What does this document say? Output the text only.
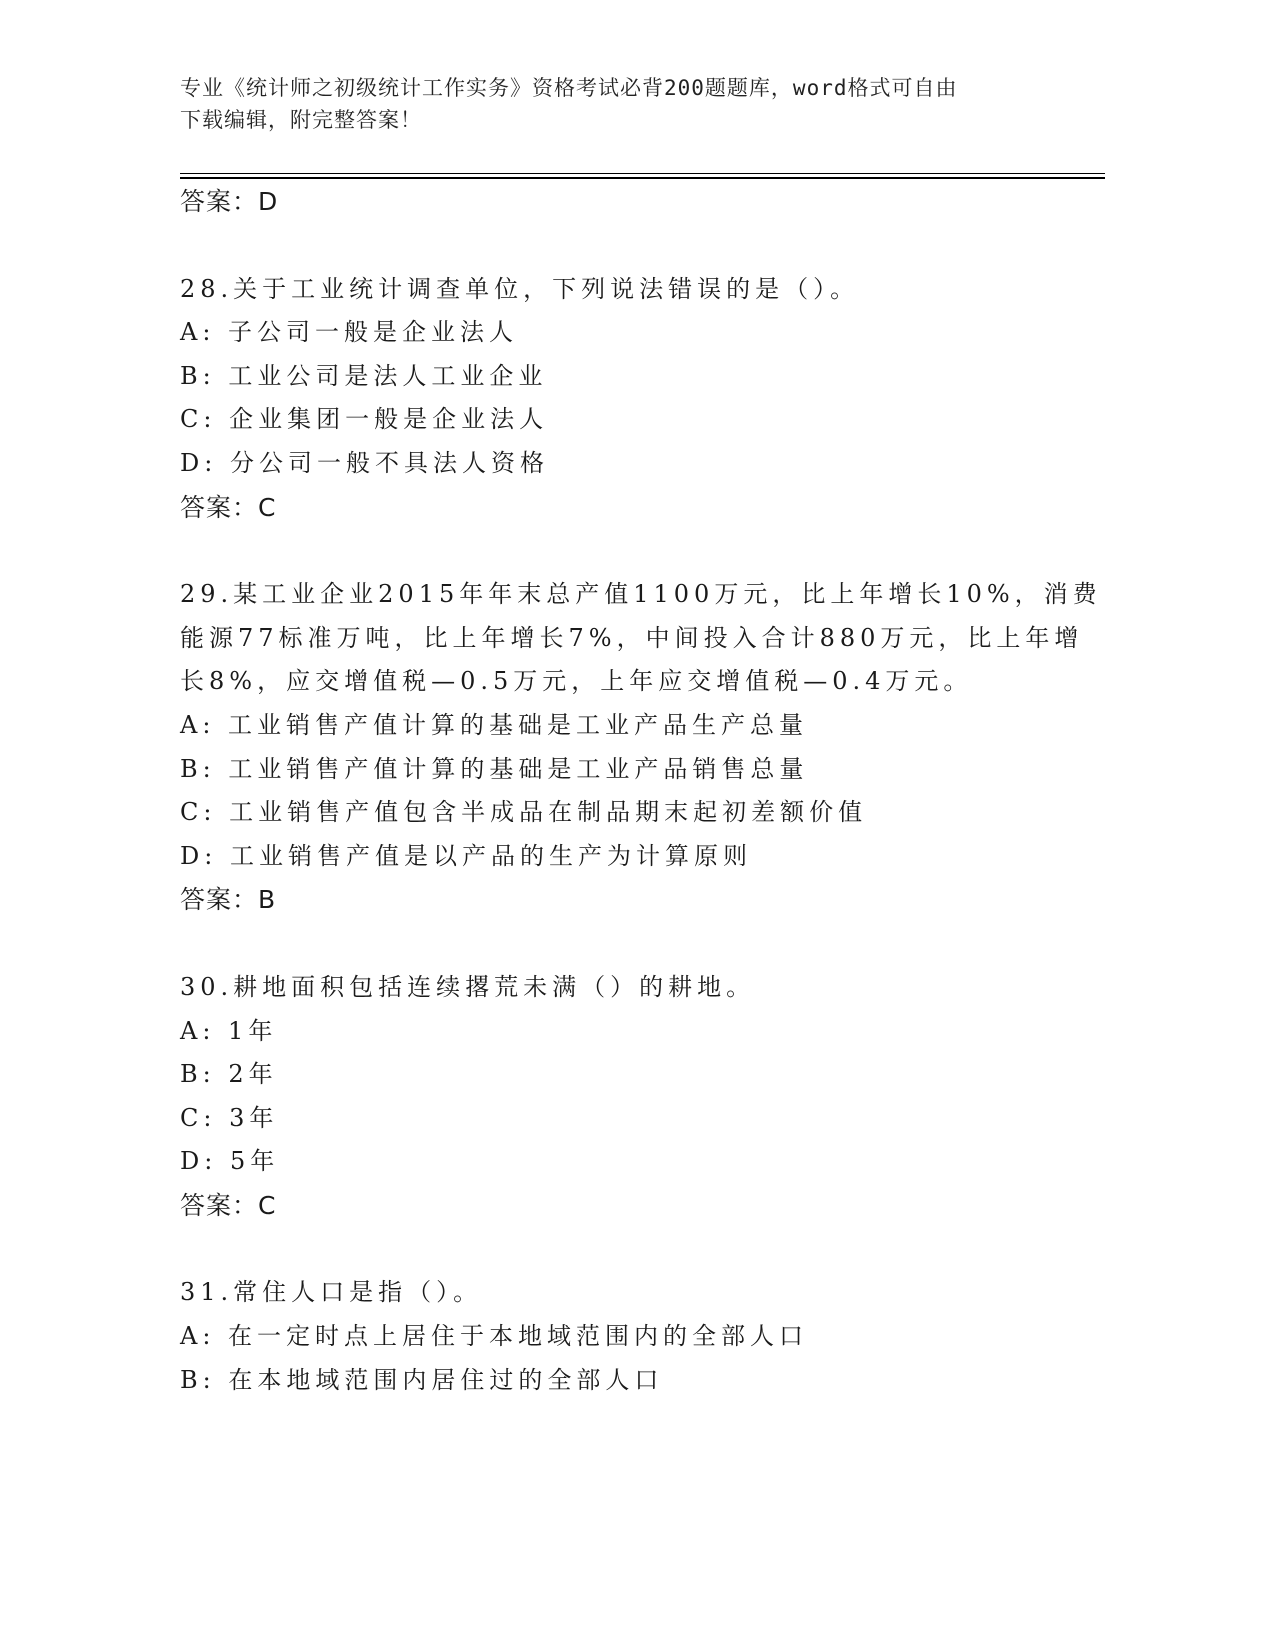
专业《统计师之初级统计工作实务》资格考试必背200题题库，word格式可自由
下载编辑，附完整答案！
答案：D
28.关于工业统计调查单位，下列说法错误的是（）。
A: 子公司一般是企业法人
B: 工业公司是法人工业企业
C: 企业集团一般是企业法人
D: 分公司一般不具法人资格
答案：C
29.某工业企业2015年年末总产值1100万元，比上年增长10%，消费
能源77标准万吨，比上年增长7%，中间投入合计880万元，比上年增
长8%，应交增值税—0.5万元，上年应交增值税—0.4万元。
A: 工业销售产值计算的基础是工业产品生产总量
B: 工业销售产值计算的基础是工业产品销售总量
C: 工业销售产值包含半成品在制品期末起初差额价值
D: 工业销售产值是以产品的生产为计算原则
答案：B
30.耕地面积包括连续撂荒未满（）的耕地。
A: 1年
B: 2年
C: 3年
D: 5年
答案：C
31.常住人口是指（）。
A: 在一定时点上居住于本地域范围内的全部人口
B: 在本地域范围内居住过的全部人口
